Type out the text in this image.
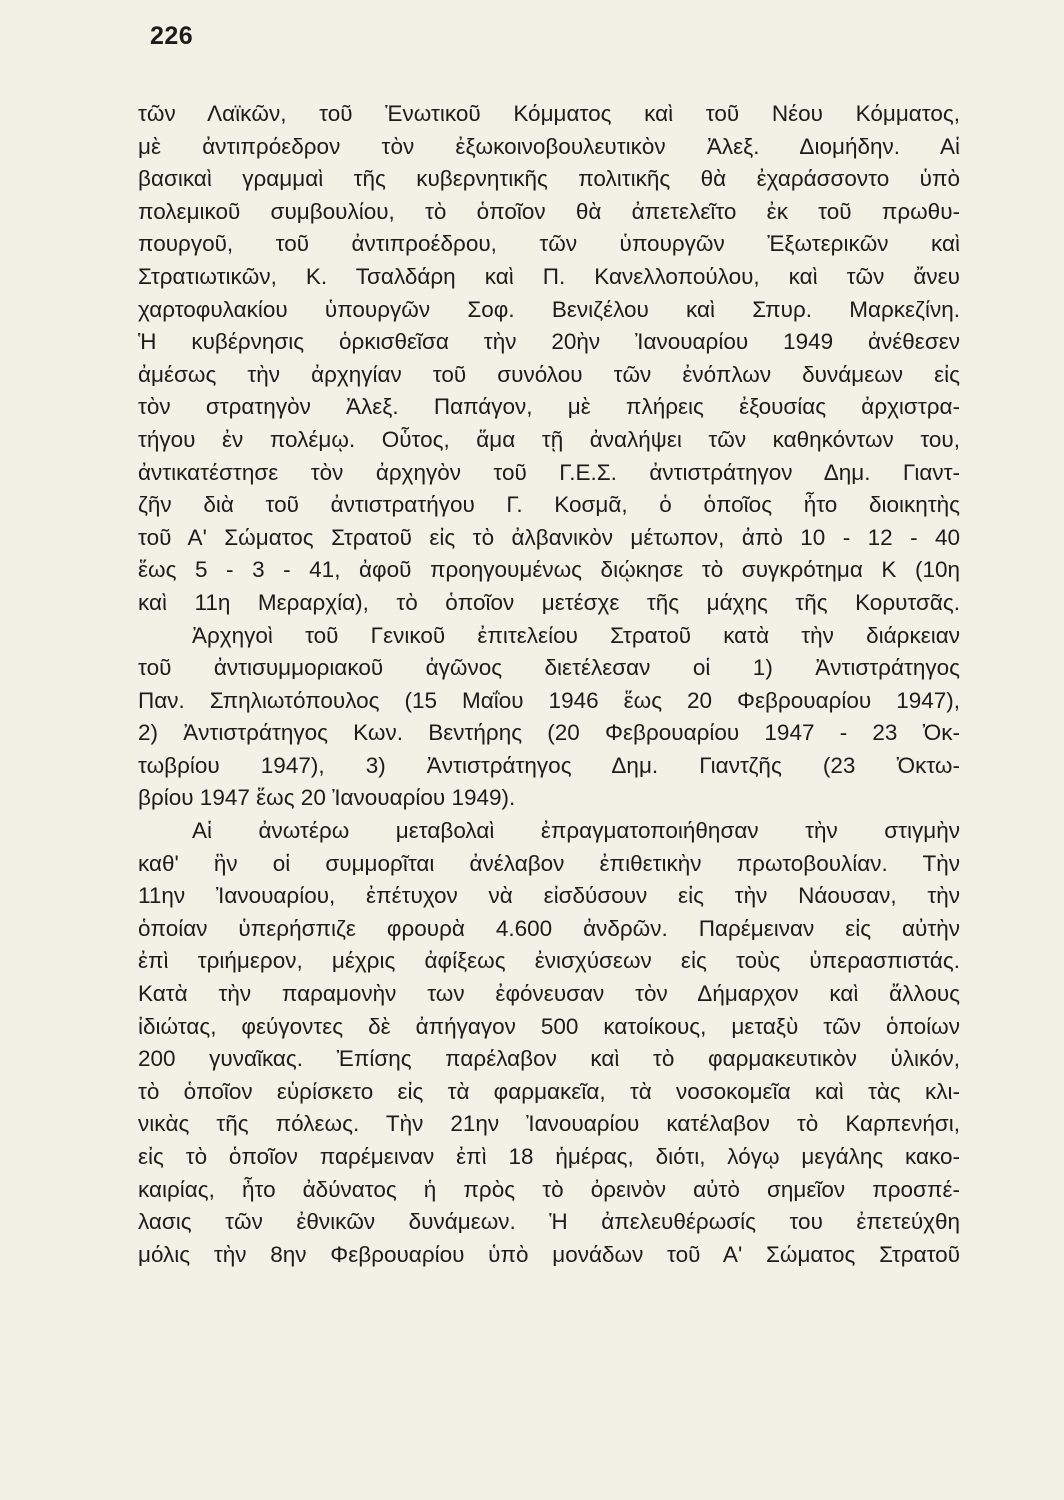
226
τῶν Λαϊκῶν, τοῦ Ἑνωτικοῦ Κόμματος καὶ τοῦ Νέου Κόμματος,
μὲ ἀντιπρόεδρον τὸν ἐξωκοινοβουλευτικὸν Ἀλεξ. Διομήδην. Αἱ
βασικαὶ γραμμαὶ τῆς κυβερνητικῆς πολιτικῆς θὰ ἐχαράσσοντο ὑπὸ
πολεμικοῦ συμβουλίου, τὸ ὁποῖον θὰ ἀπετελεῖτο ἐκ τοῦ πρωθυ-
πουργοῦ, τοῦ ἀντιπροέδρου, τῶν ὑπουργῶν Ἐξωτερικῶν καὶ
Στρατιωτικῶν, Κ. Τσαλδάρη καὶ Π. Κανελλοπούλου, καὶ τῶν ἄνευ
χαρτοφυλακίου ὑπουργῶν Σοφ. Βενιζέλου καὶ Σπυρ. Μαρκεζίνη.
Ἡ κυβέρνησις ὁρκισθεῖσα τὴν 20ὴν Ἰανουαρίου 1949 ἀνέθεσεν
ἀμέσως τὴν ἀρχηγίαν τοῦ συνόλου τῶν ἐνόπλων δυνάμεων εἰς
τὸν στρατηγὸν Ἀλεξ. Παπάγον, μὲ πλήρεις ἐξουσίας ἀρχιστρα-
τήγου ἐν πολέμῳ. Οὗτος, ἅμα τῇ ἀναλήψει τῶν καθηκόντων του,
ἀντικατέστησε τὸν ἀρχηγὸν τοῦ Γ.Ε.Σ. ἀντιστράτηγον Δημ. Γιαντ-
ζῆν διὰ τοῦ ἀντιστρατήγου Γ. Κοσμᾶ, ὁ ὁποῖος ἦτο διοικητὴς
τοῦ Α' Σώματος Στρατοῦ εἰς τὸ ἀλβανικὸν μέτωπον, ἀπὸ 10 - 12 - 40
ἕως 5 - 3 - 41, ἀφοῦ προηγουμένως διῴκησε τὸ συγκρότημα Κ (10η
καὶ 11η Μεραρχία), τὸ ὁποῖον μετέσχε τῆς μάχης τῆς Κορυτσᾶς.
Ἀρχηγοὶ τοῦ Γενικοῦ ἐπιτελείου Στρατοῦ κατὰ τὴν διάρκειαν
τοῦ ἀντισυμμοριακοῦ ἀγῶνος διετέλεσαν οἱ 1) Ἀντιστράτηγος
Παν. Σπηλιωτόπουλος (15 Μαΐου 1946 ἕως 20 Φεβρουαρίου 1947),
2) Ἀντιστράτηγος Κων. Βεντήρης (20 Φεβρουαρίου 1947 - 23 Ὀκ-
τωβρίου 1947), 3) Ἀντιστράτηγος Δημ. Γιαντζῆς (23 Ὀκτω-
βρίου 1947 ἕως 20 Ἰανουαρίου 1949).
Αἱ ἀνωτέρω μεταβολαὶ ἐπραγματοποιήθησαν τὴν στιγμὴν
καθ' ἣν οἱ συμμορῖται ἀνέλαβον ἐπιθετικὴν πρωτοβουλίαν. Τὴν
11ην Ἰανουαρίου, ἐπέτυχον νὰ εἰσδύσουν εἰς τὴν Νάουσαν, τὴν
ὁποίαν ὑπερήσπιζε φρουρὰ 4.600 ἀνδρῶν. Παρέμειναν εἰς αὐτὴν
ἐπὶ τριήμερον, μέχρις ἀφίξεως ἐνισχύσεων εἰς τοὺς ὑπερασπιστάς.
Κατὰ τὴν παραμονὴν των ἐφόνευσαν τὸν Δήμαρχον καὶ ἄλλους
ἰδιώτας, φεύγοντες δὲ ἀπήγαγον 500 κατοίκους, μεταξὺ τῶν ὁποίων
200 γυναῖκας. Ἐπίσης παρέλαβον καὶ τὸ φαρμακευτικὸν ὑλικόν,
τὸ ὁποῖον εὑρίσκετο εἰς τὰ φαρμακεῖα, τὰ νοσοκομεῖα καὶ τὰς κλι-
νικὰς τῆς πόλεως. Τὴν 21ην Ἰανουαρίου κατέλαβον τὸ Καρπενήσι,
εἰς τὸ ὁποῖον παρέμειναν ἐπὶ 18 ἡμέρας, διότι, λόγῳ μεγάλης κακο-
καιρίας, ἦτο ἀδύνατος ἡ πρὸς τὸ ὀρεινὸν αὐτὸ σημεῖον προσπέ-
λασις τῶν ἐθνικῶν δυνάμεων. Ἡ ἀπελευθέρωσίς του ἐπετεύχθη
μόλις τὴν 8ην Φεβρουαρίου ὑπὸ μονάδων τοῦ Α' Σώματος Στρατοῦ
